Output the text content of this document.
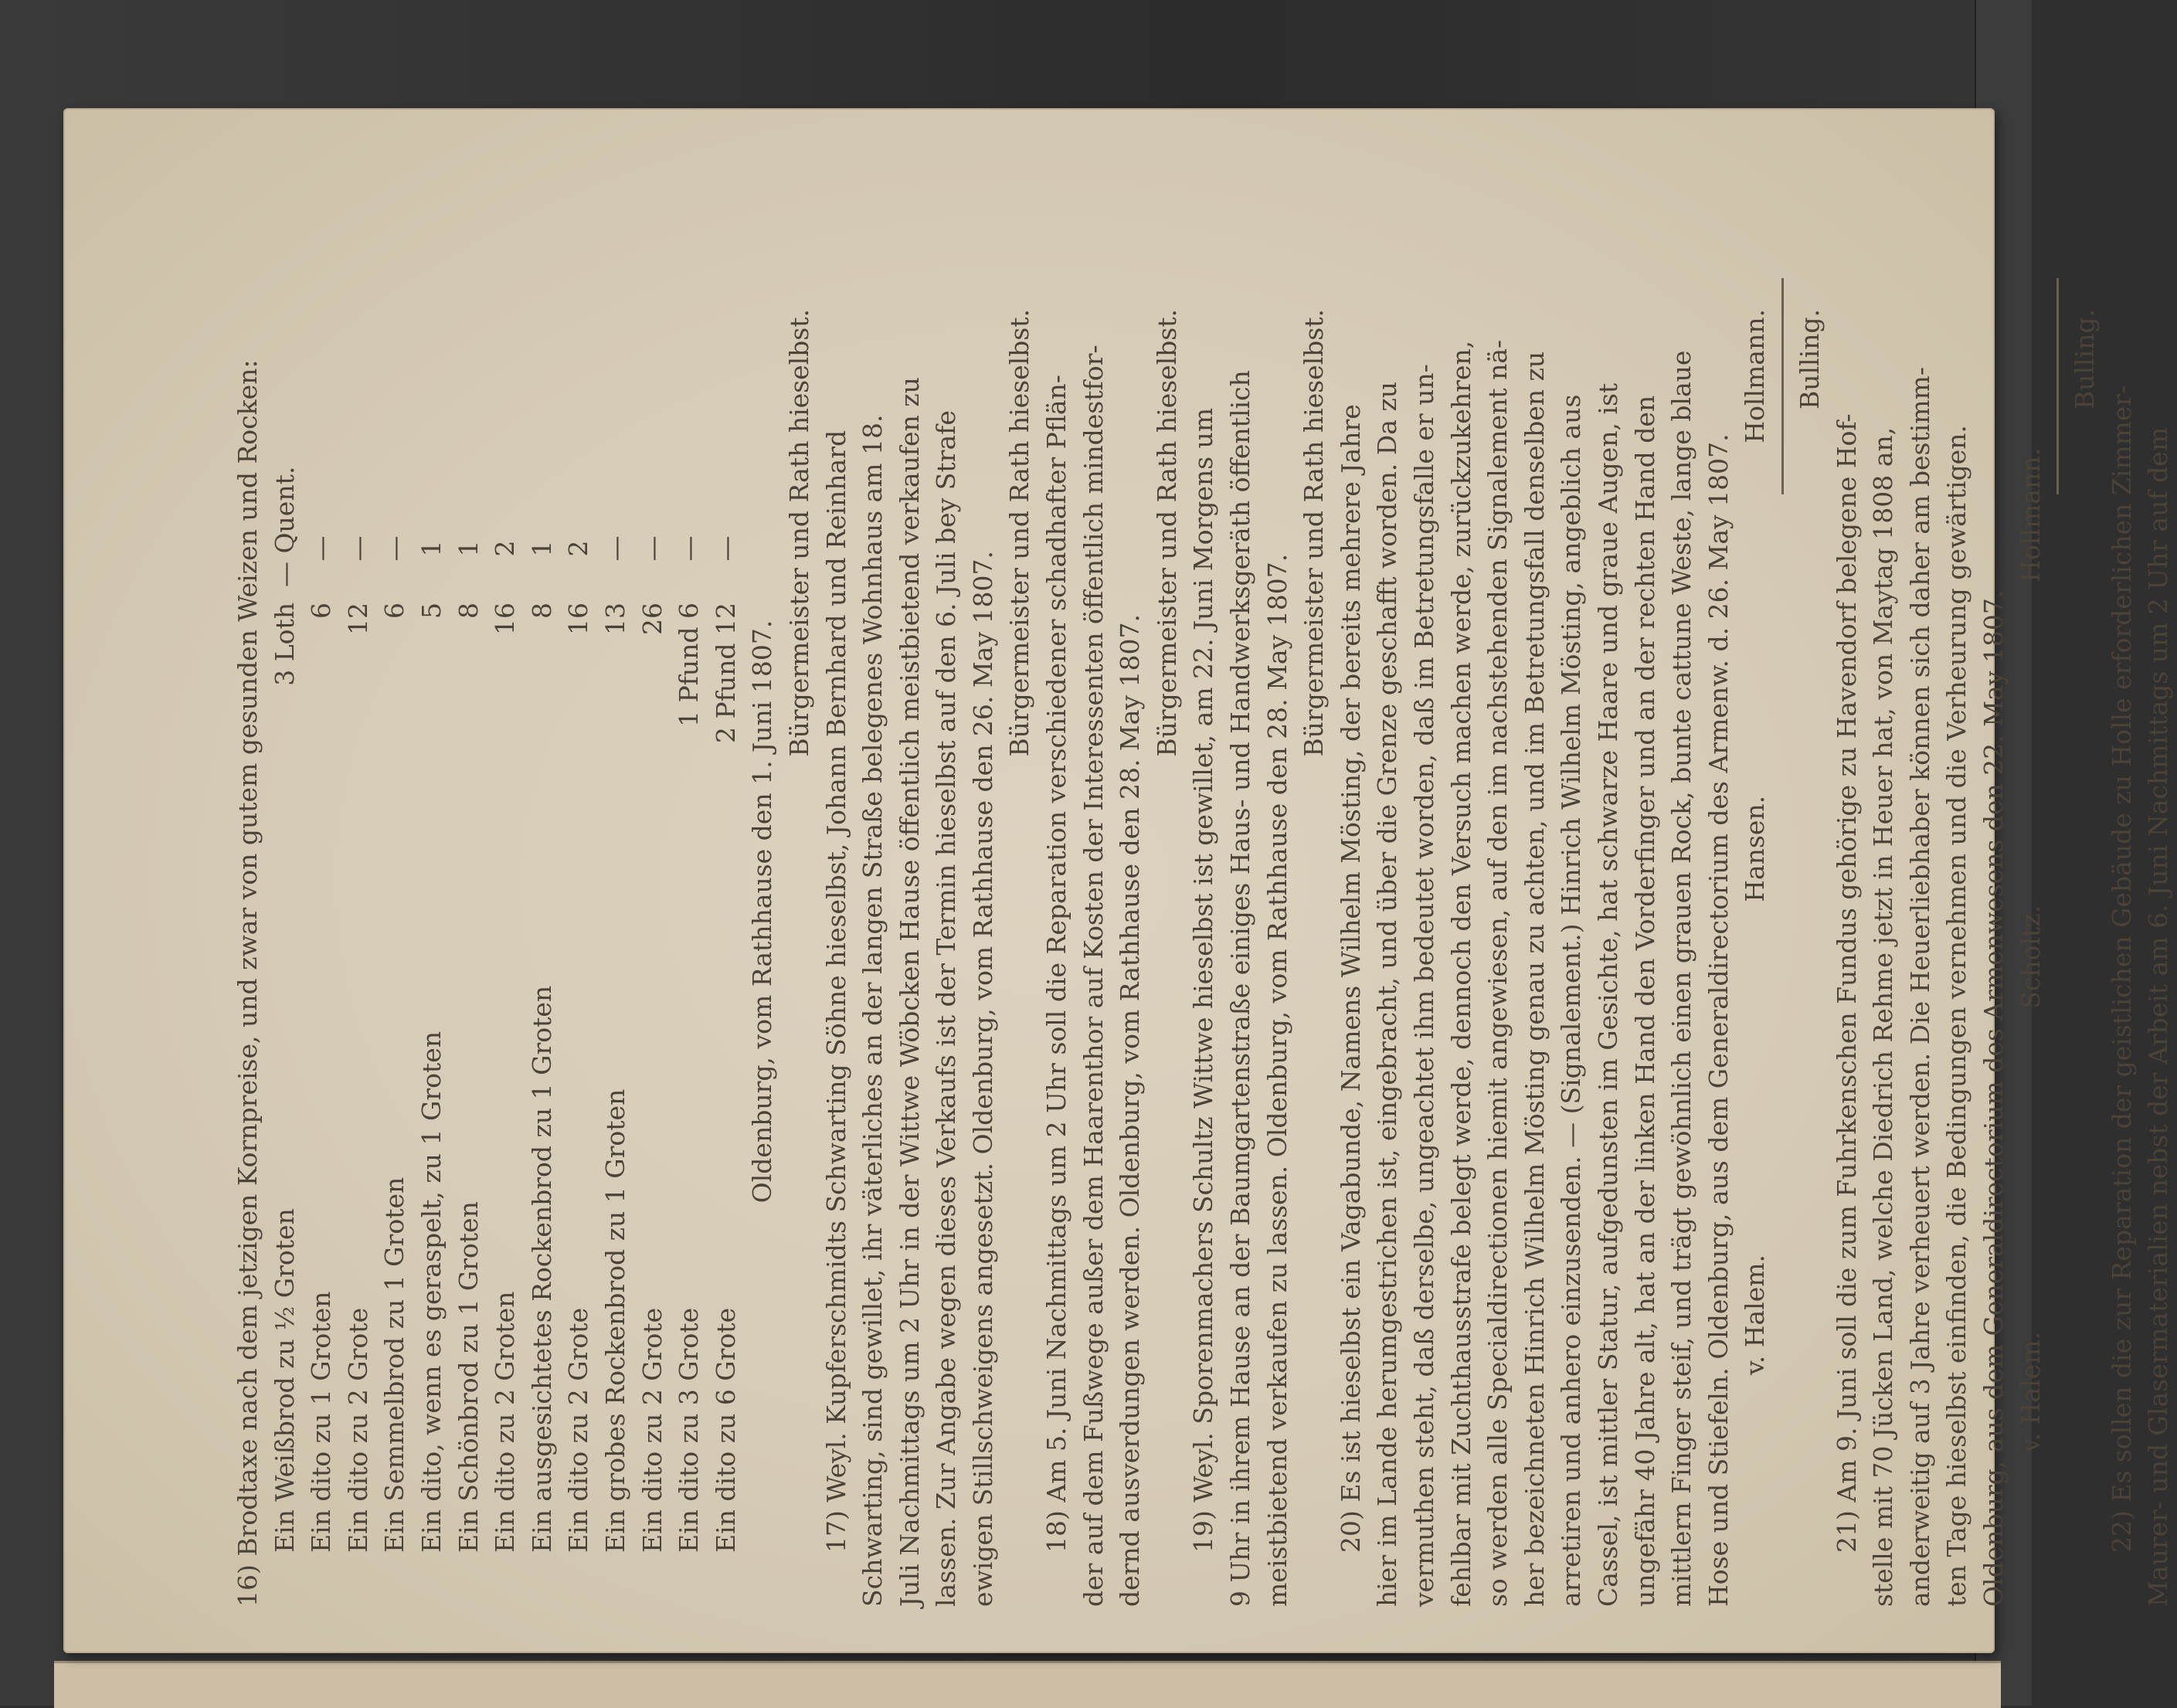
16) Brodtaxe nach dem jetzigen Kornpreise, und zwar von gutem gesunden Weizen und Rocken: Ein Weißbrod zu ½ Groten
3 Loth
— Quent.
Ein dito zu 1 Groten
6
—
Ein dito zu 2 Grote
12
—
Ein Semmelbrod zu 1 Groten
6
—
Ein dito, wenn es geraspelt, zu 1 Groten
5
1
Ein Schönbrod zu 1 Groten
8
1
Ein dito zu 2 Groten
16
2
Ein ausgesichtetes Rockenbrod zu 1 Groten
8
1
Ein dito zu 2 Grote
16
2
Ein grobes Rockenbrod zu 1 Groten
13
—
Ein dito zu 2 Grote
26
—
Ein dito zu 3 Grote
1 Pfund 6
—
Ein dito zu 6 Grote
2 Pfund 12
—
Oldenburg, vom Rathhause den 1. Juni 1807.
Bürgermeister und Rath hieselbst. 17) Weyl. Kupferschmidts Schwarting Söhne hieselbst, Johann Bernhard und Reinhard Schwarting, sind gewillet, ihr väterliches an der langen Straße belegenes Wohnhaus am 18. Juli Nachmittags um 2 Uhr in der Wittwe Wöbcken Hause öffentlich meistbietend verkaufen zu lassen. Zur Angabe wegen dieses Verkaufs ist der Termin hieselbst auf den 6. Juli bey Strafe ewigen Stillschweigens angesetzt. Oldenburg, vom Rathhause den 26. May 1807.
Bürgermeister und Rath hieselbst. 18) Am 5. Juni Nachmittags um 2 Uhr soll die Reparation verschiedener schadhafter Pflän- der auf dem Fußwege außer dem Haarenthor auf Kosten der Interessenten öffentlich mindestfor- dernd ausverdungen werden. Oldenburg, vom Rathhause den 28. May 1807.
Bürgermeister und Rath hieselbst. 19) Weyl. Sporenmachers Schultz Wittwe hieselbst ist gewillet, am 22. Juni Morgens um 9 Uhr in ihrem Hause an der Baumgartenstraße einiges Haus- und Handwerksgeräth öffentlich meistbietend verkaufen zu lassen. Oldenburg, vom Rathhause den 28. May 1807.
Bürgermeister und Rath hieselbst. 20) Es ist hieselbst ein Vagabunde, Namens Wilhelm Mösting, der bereits mehrere Jahre hier im Lande herumgestrichen ist, eingebracht, und über die Grenze geschafft worden. Da zu vermuthen steht, daß derselbe, ungeachtet ihm bedeutet worden, daß im Betretungsfalle er un- fehlbar mit Zuchthausstrafe belegt werde, dennoch den Versuch machen werde, zurückzukehren, so werden alle Specialdirectionen hiemit angewiesen, auf den im nachstehenden Signalement nä- her bezeichneten Hinrich Wilhelm Mösting genau zu achten, und im Betretungsfall denselben zu arretiren und anhero einzusenden. — (Signalement.) Hinrich Wilhelm Mösting, angeblich aus Cassel, ist mittler Statur, aufgedunsten im Gesichte, hat schwarze Haare und graue Augen, ist ungefähr 40 Jahre alt, hat an der linken Hand den Vorderfinger und an der rechten Hand den mittlern Finger steif, und trägt gewöhnlich einen grauen Rock, bunte cattune Weste, lange blaue Hose und Stiefeln. Oldenburg, aus dem Generaldirectorium des Armenw. d. 26. May 1807. v. Halem.
Hansen.
Hollmann. Bulling.
21) Am 9. Juni soll die zum Fuhrkenschen Fundus gehörige zu Havendorf belegene Hof- stelle mit 70 Jücken Land, welche Diedrich Rehme jetzt in Heuer hat, von Maytag 1808 an, anderweitig auf 3 Jahre verheuert werden. Die Heuerliebhaber können sich daher am bestimm- ten Tage hieselbst einfinden, die Bedingungen vernehmen und die Verheurung gewärtigen. Oldenburg, aus dem Generaldirectorium des Armenwesens den 22. May 1807. v. Halem.
Scholtz.
Hollmann.
Bulling.
22) Es sollen die zur Reparation der geistlichen Gebäude zu Holle erforderlichen Zimmer- Maurer- und Glasermaterialien nebst der Arbeit am 6. Juni Nachmittags um 2 Uhr auf dem
